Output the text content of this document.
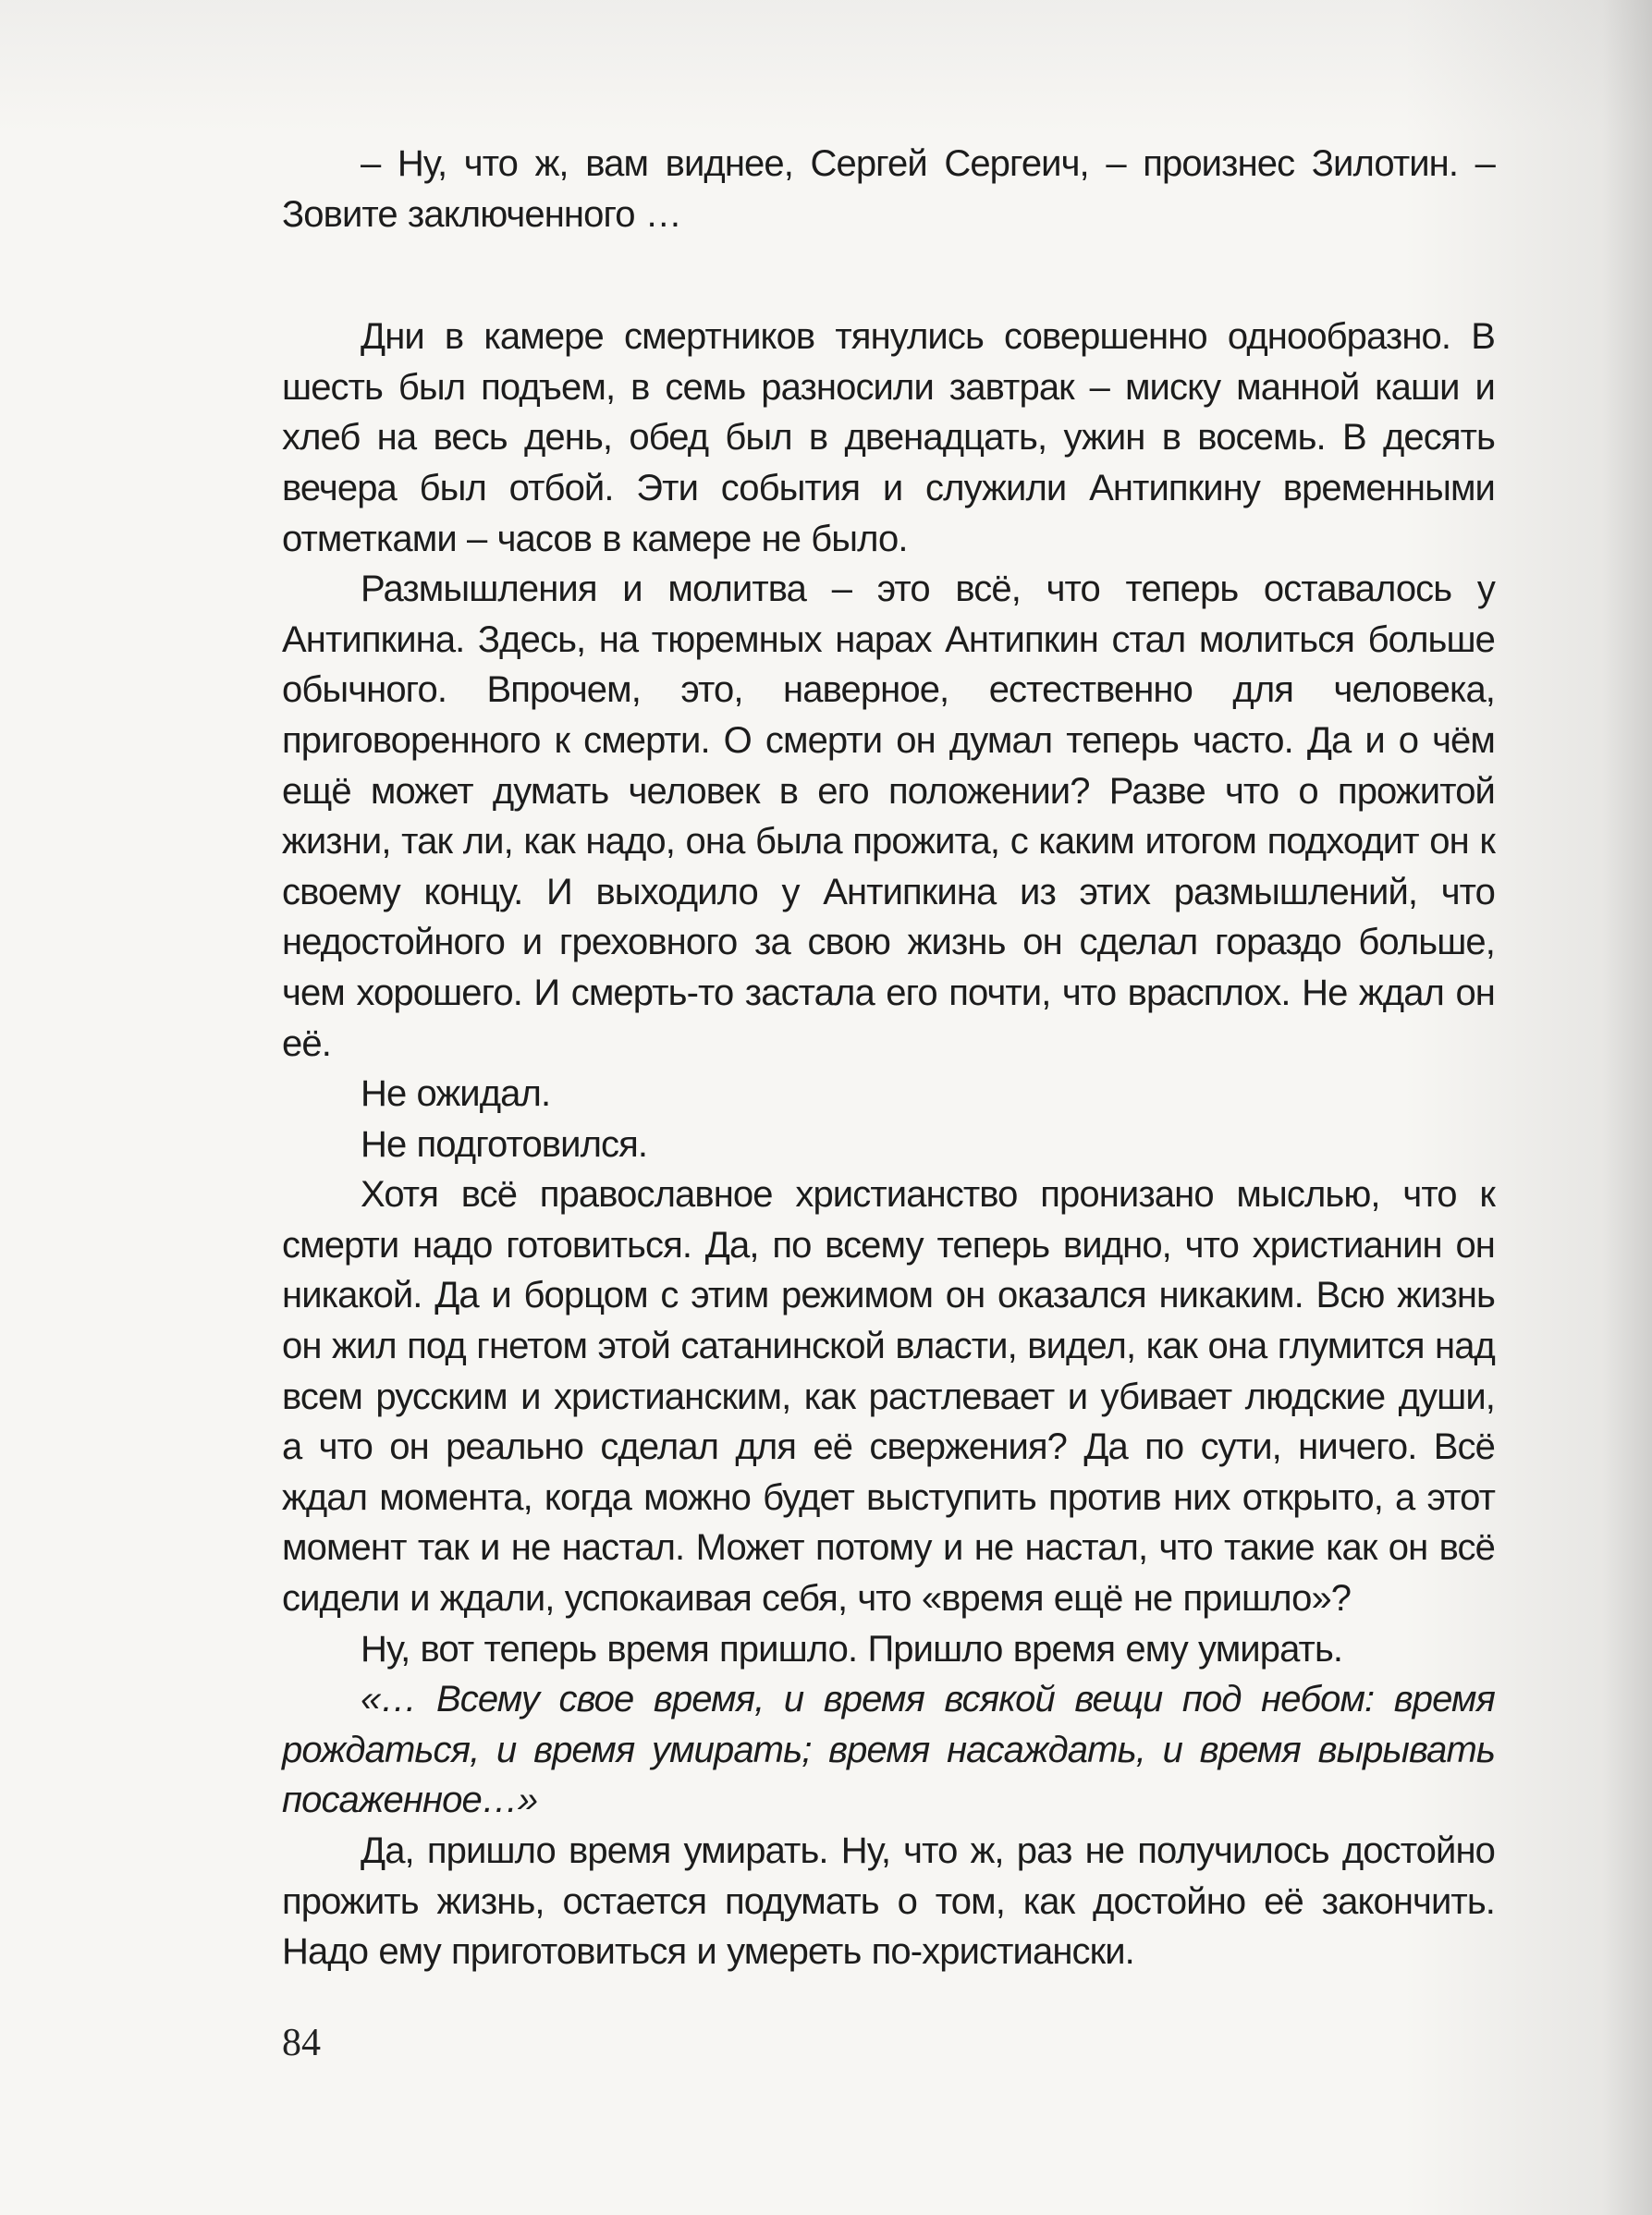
– Ну, что ж, вам виднее, Сергей Сергеич, – произнес Зилотин. – Зовите заключенного …

Дни в камере смертников тянулись совершенно однообразно. В шесть был подъем, в семь разносили завтрак – миску манной каши и хлеб на весь день, обед был в двенадцать, ужин в восемь. В десять вечера был отбой. Эти события и служили Антипкину временными отметками – часов в камере не было.

Размышления и молитва – это всё, что теперь оставалось у Антипкина. Здесь, на тюремных нарах Антипкин стал молиться больше обычного. Впрочем, это, наверное, естественно для человека, приговоренного к смерти. О смерти он думал теперь часто. Да и о чём ещё может думать человек в его положении? Разве что о прожитой жизни, так ли, как надо, она была прожита, с каким итогом подходит он к своему концу. И выходило у Антипкина из этих размышлений, что недостойного и греховного за свою жизнь он сделал гораздо больше, чем хорошего. И смерть-то застала его почти, что врасплох. Не ждал он её.

Не ожидал.

Не подготовился.

Хотя всё православное христианство пронизано мыслью, что к смерти надо готовиться. Да, по всему теперь видно, что христианин он никакой. Да и борцом с этим режимом он оказался никаким. Всю жизнь он жил под гнетом этой сатанинской власти, видел, как она глумится над всем русским и христианским, как растлевает и убивает людские души, а что он реально сделал для её свержения? Да по сути, ничего. Всё ждал момента, когда можно будет выступить против них открыто, а этот момент так и не настал. Может потому и не настал, что такие как он всё сидели и ждали, успокаивая себя, что «время ещё не пришло»?

Ну, вот теперь время пришло. Пришло время ему умирать.

«… Всему свое время, и время всякой вещи под небом: время рождаться, и время умирать; время насаждать, и время вырывать посаженное…»

Да, пришло время умирать. Ну, что ж, раз не получилось достойно прожить жизнь, остается подумать о том, как достойно её закончить. Надо ему приготовиться и умереть по-христиански.

84
